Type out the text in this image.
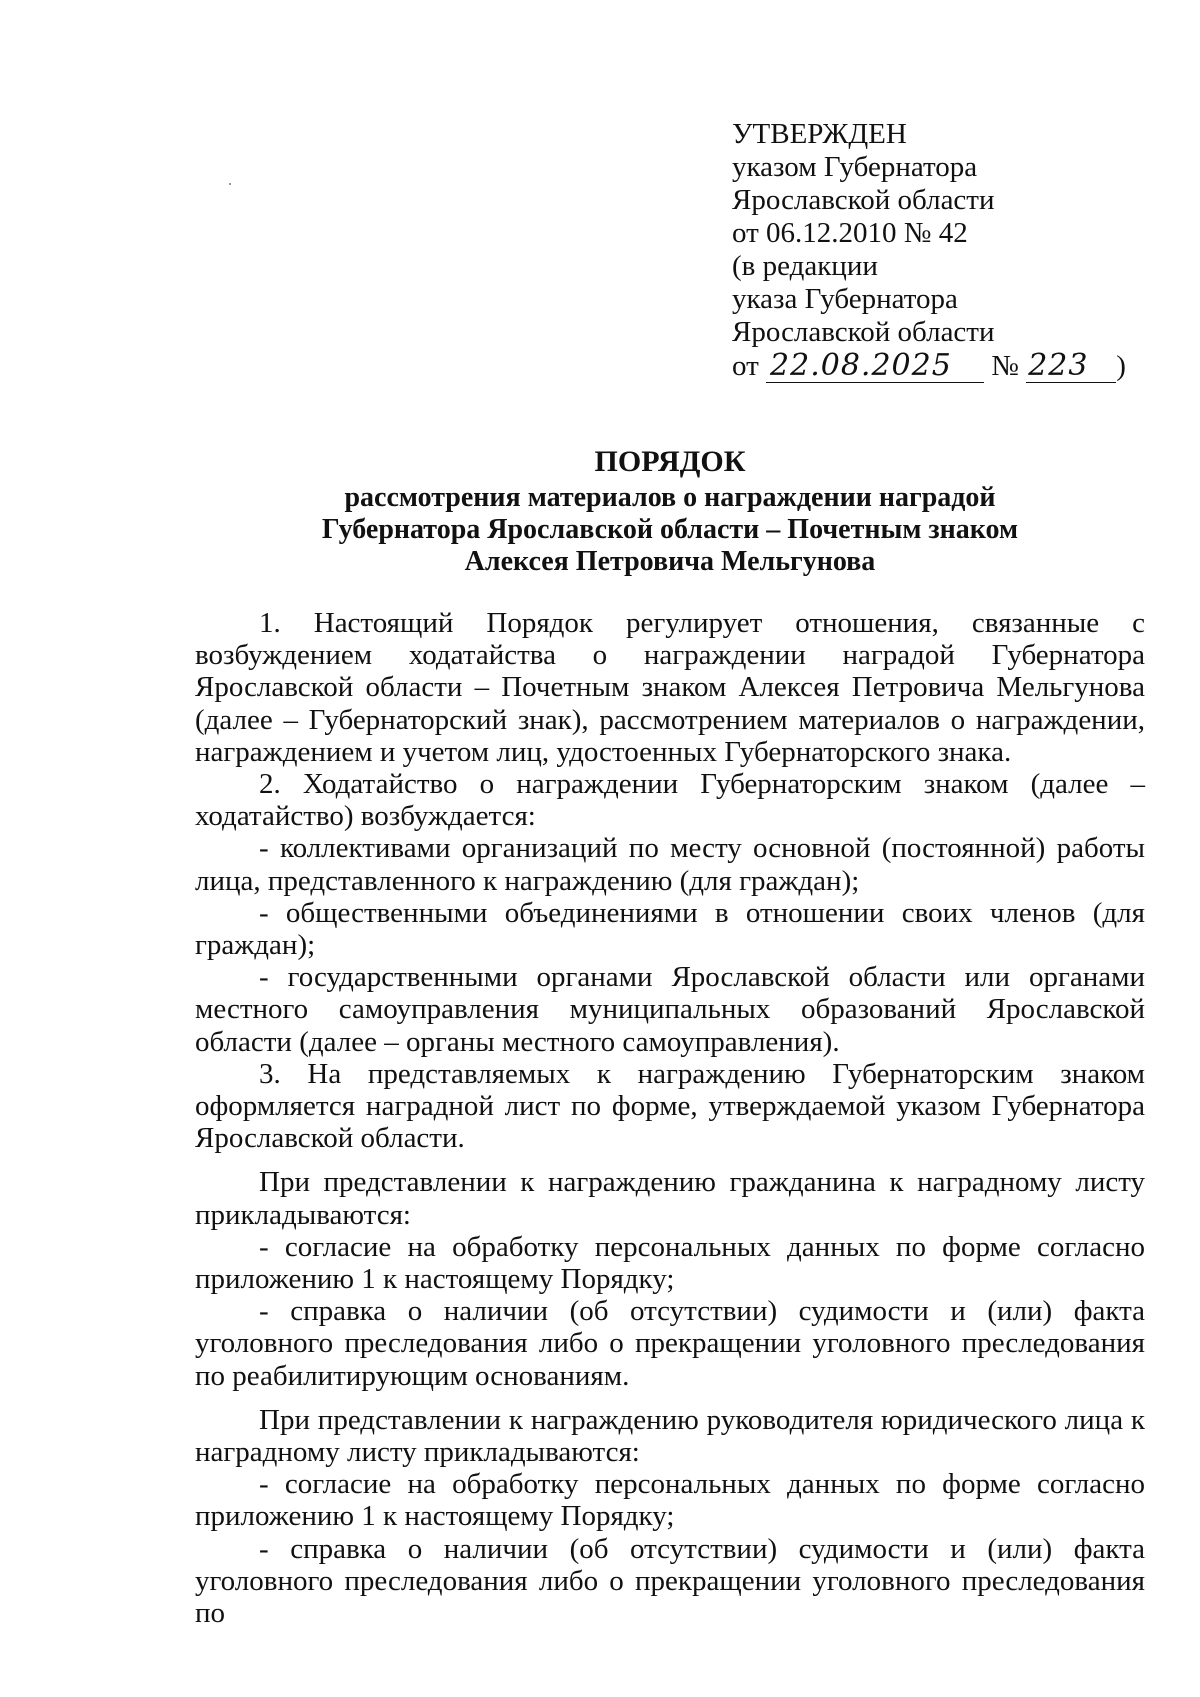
УТВЕРЖДЕН
указом Губернатора
Ярославской области
от 06.12.2010 № 42
(в редакции
указа Губернатора
Ярославской области
от 22.08.2025 № 223 )
ПОРЯДОК
рассмотрения материалов о награждении наградой
Губернатора Ярославской области – Почетным знаком
Алексея Петровича Мельгунова

1. Настоящий Порядок регулирует отношения, связанные с возбуждением ходатайства о награждении наградой Губернатора Ярославской области – Почетным знаком Алексея Петровича Мельгунова (далее – Губернаторский знак), рассмотрением материалов о награждении, награждением и учетом лиц, удостоенных Губернаторского знака.

2. Ходатайство о награждении Губернаторским знаком (далее – ходатайство) возбуждается:

- коллективами организаций по месту основной (постоянной) работы лица, представленного к награждению (для граждан);

- общественными объединениями в отношении своих членов (для граждан);

- государственными органами Ярославской области или органами местного самоуправления муниципальных образований Ярославской области (далее – органы местного самоуправления).

3. На представляемых к награждению Губернаторским знаком оформляется наградной лист по форме, утверждаемой указом Губернатора Ярославской области.

При представлении к награждению гражданина к наградному листу прикладываются:

- согласие на обработку персональных данных по форме согласно приложению 1 к настоящему Порядку;

- справка о наличии (об отсутствии) судимости и (или) факта уголовного преследования либо о прекращении уголовного преследования по реабилитирующим основаниям.

При представлении к награждению руководителя юридического лица к наградному листу прикладываются:

- согласие на обработку персональных данных по форме согласно приложению 1 к настоящему Порядку;

- справка о наличии (об отсутствии) судимости и (или) факта уголовного преследования либо о прекращении уголовного преследования по
